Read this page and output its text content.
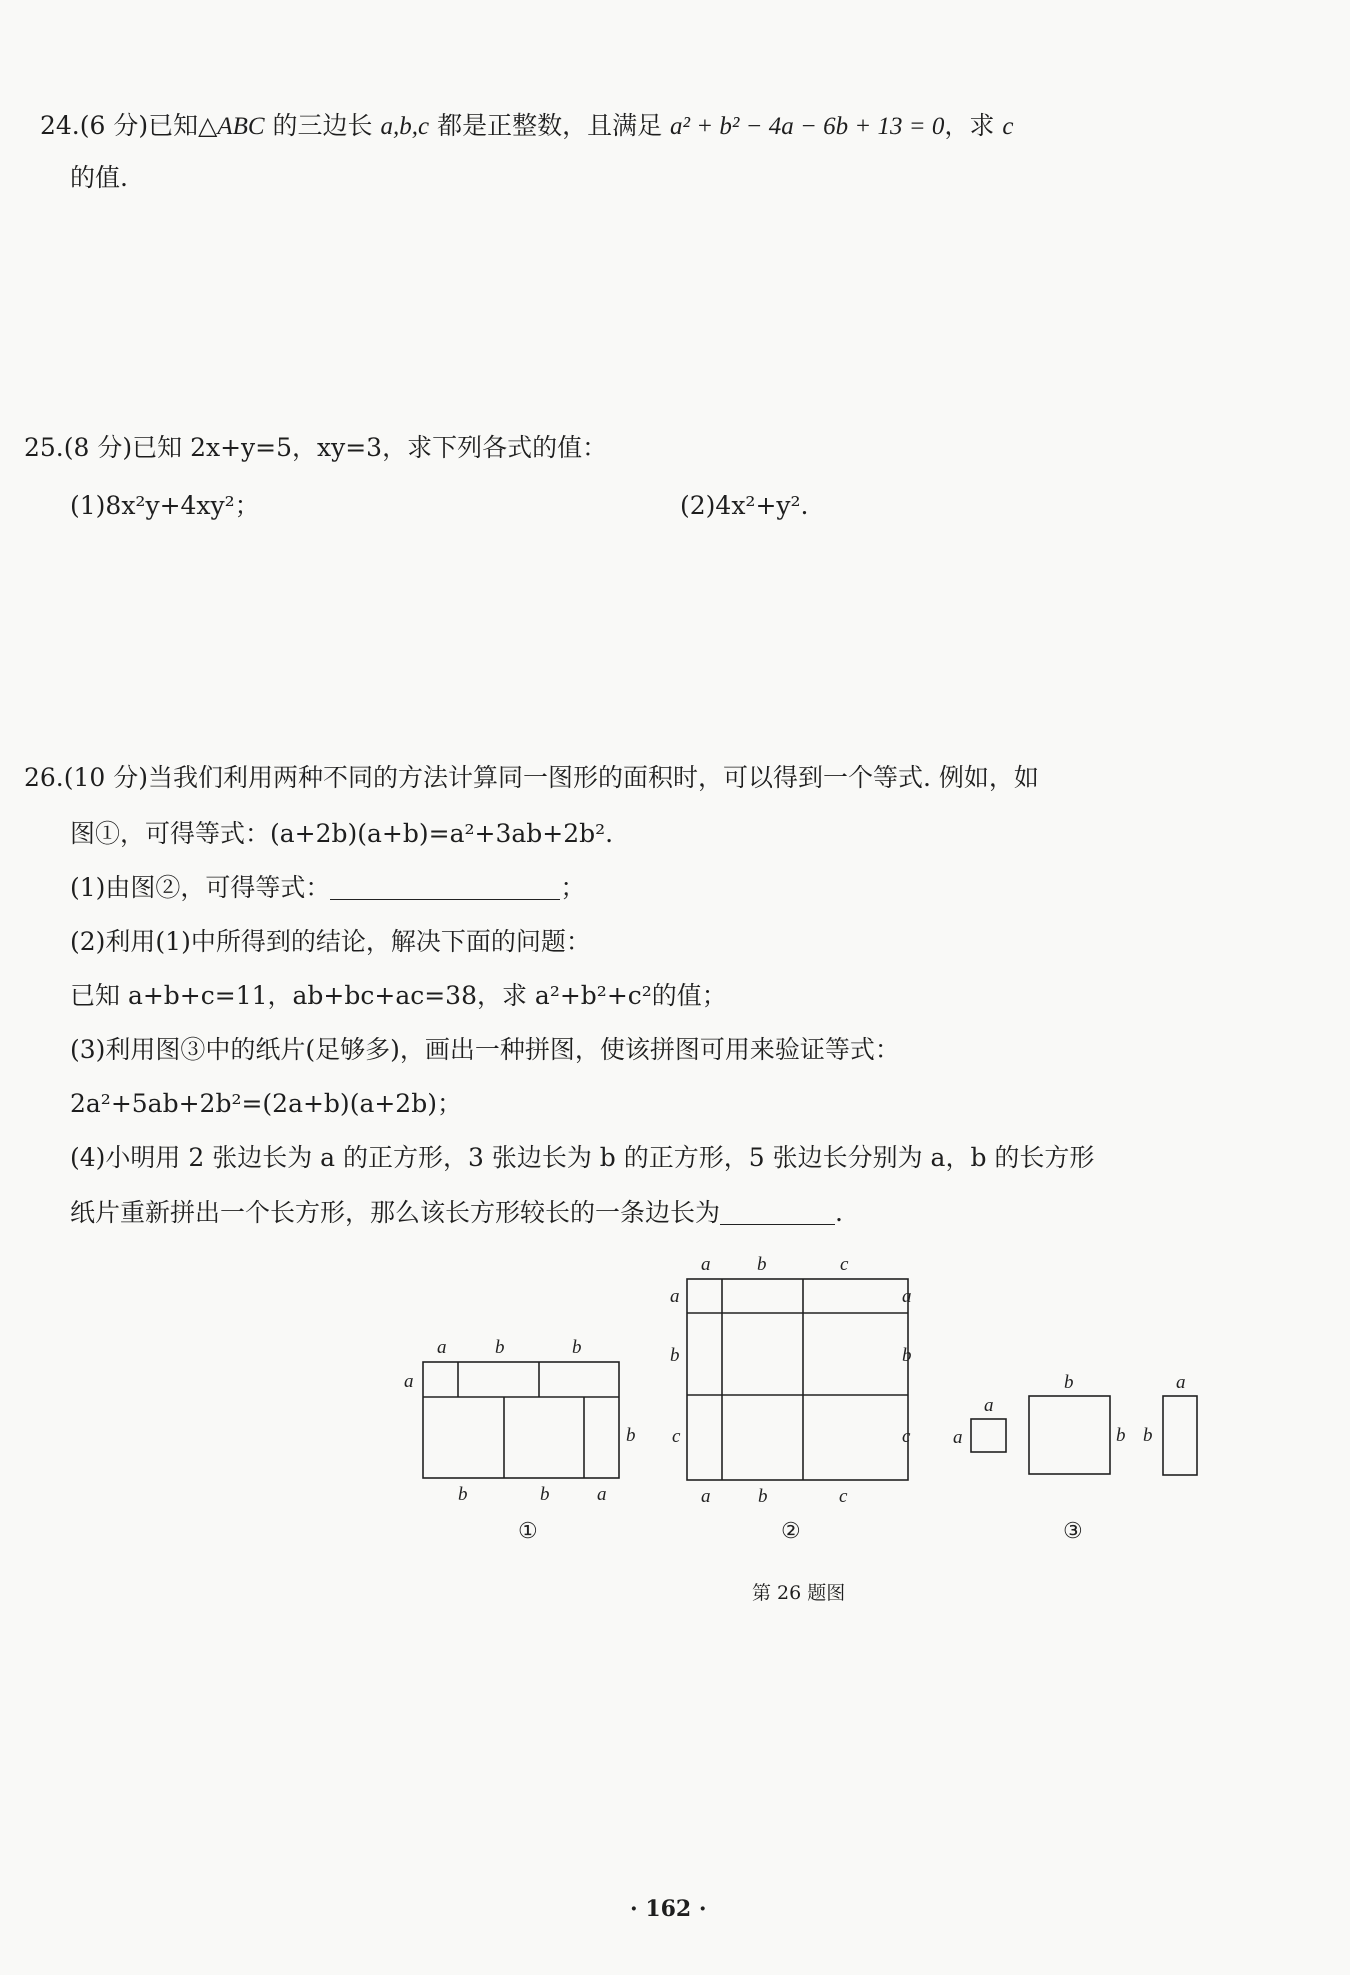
24.(6 分)已知△ABC 的三边长 a,b,c 都是正整数，且满足 a² + b² − 4a − 6b + 13 = 0，求 c
的值.
25.(8 分)已知 2x+y=5，xy=3，求下列各式的值：
(1)8x²y+4xy²；	(2)4x²+y².
26.(10 分)当我们利用两种不同的方法计算同一图形的面积时，可以得到一个等式. 例如，如
图①，可得等式：(a+2b)(a+b)=a²+3ab+2b².
(1)由图②，可得等式：	；
(2)利用(1)中所得到的结论，解决下面的问题：
已知 a+b+c=11，ab+bc+ac=38，求 a²+b²+c²的值；
(3)利用图③中的纸片(足够多)，画出一种拼图，使该拼图可用来验证等式：
2a²+5ab+2b²=(2a+b)(a+2b)；
(4)小明用 2 张边长为 a 的正方形，3 张边长为 b 的正方形，5 张边长分别为 a，b 的长方形
纸片重新拼出一个长方形，那么该长方形较长的一条边长为	.
a	b	b
a
b
b	b	a
①
a b	c
a
b
c
a
b
c
a	b	c
②
a
a
b
b
a
b
③
第 26 题图
· 162 ·
